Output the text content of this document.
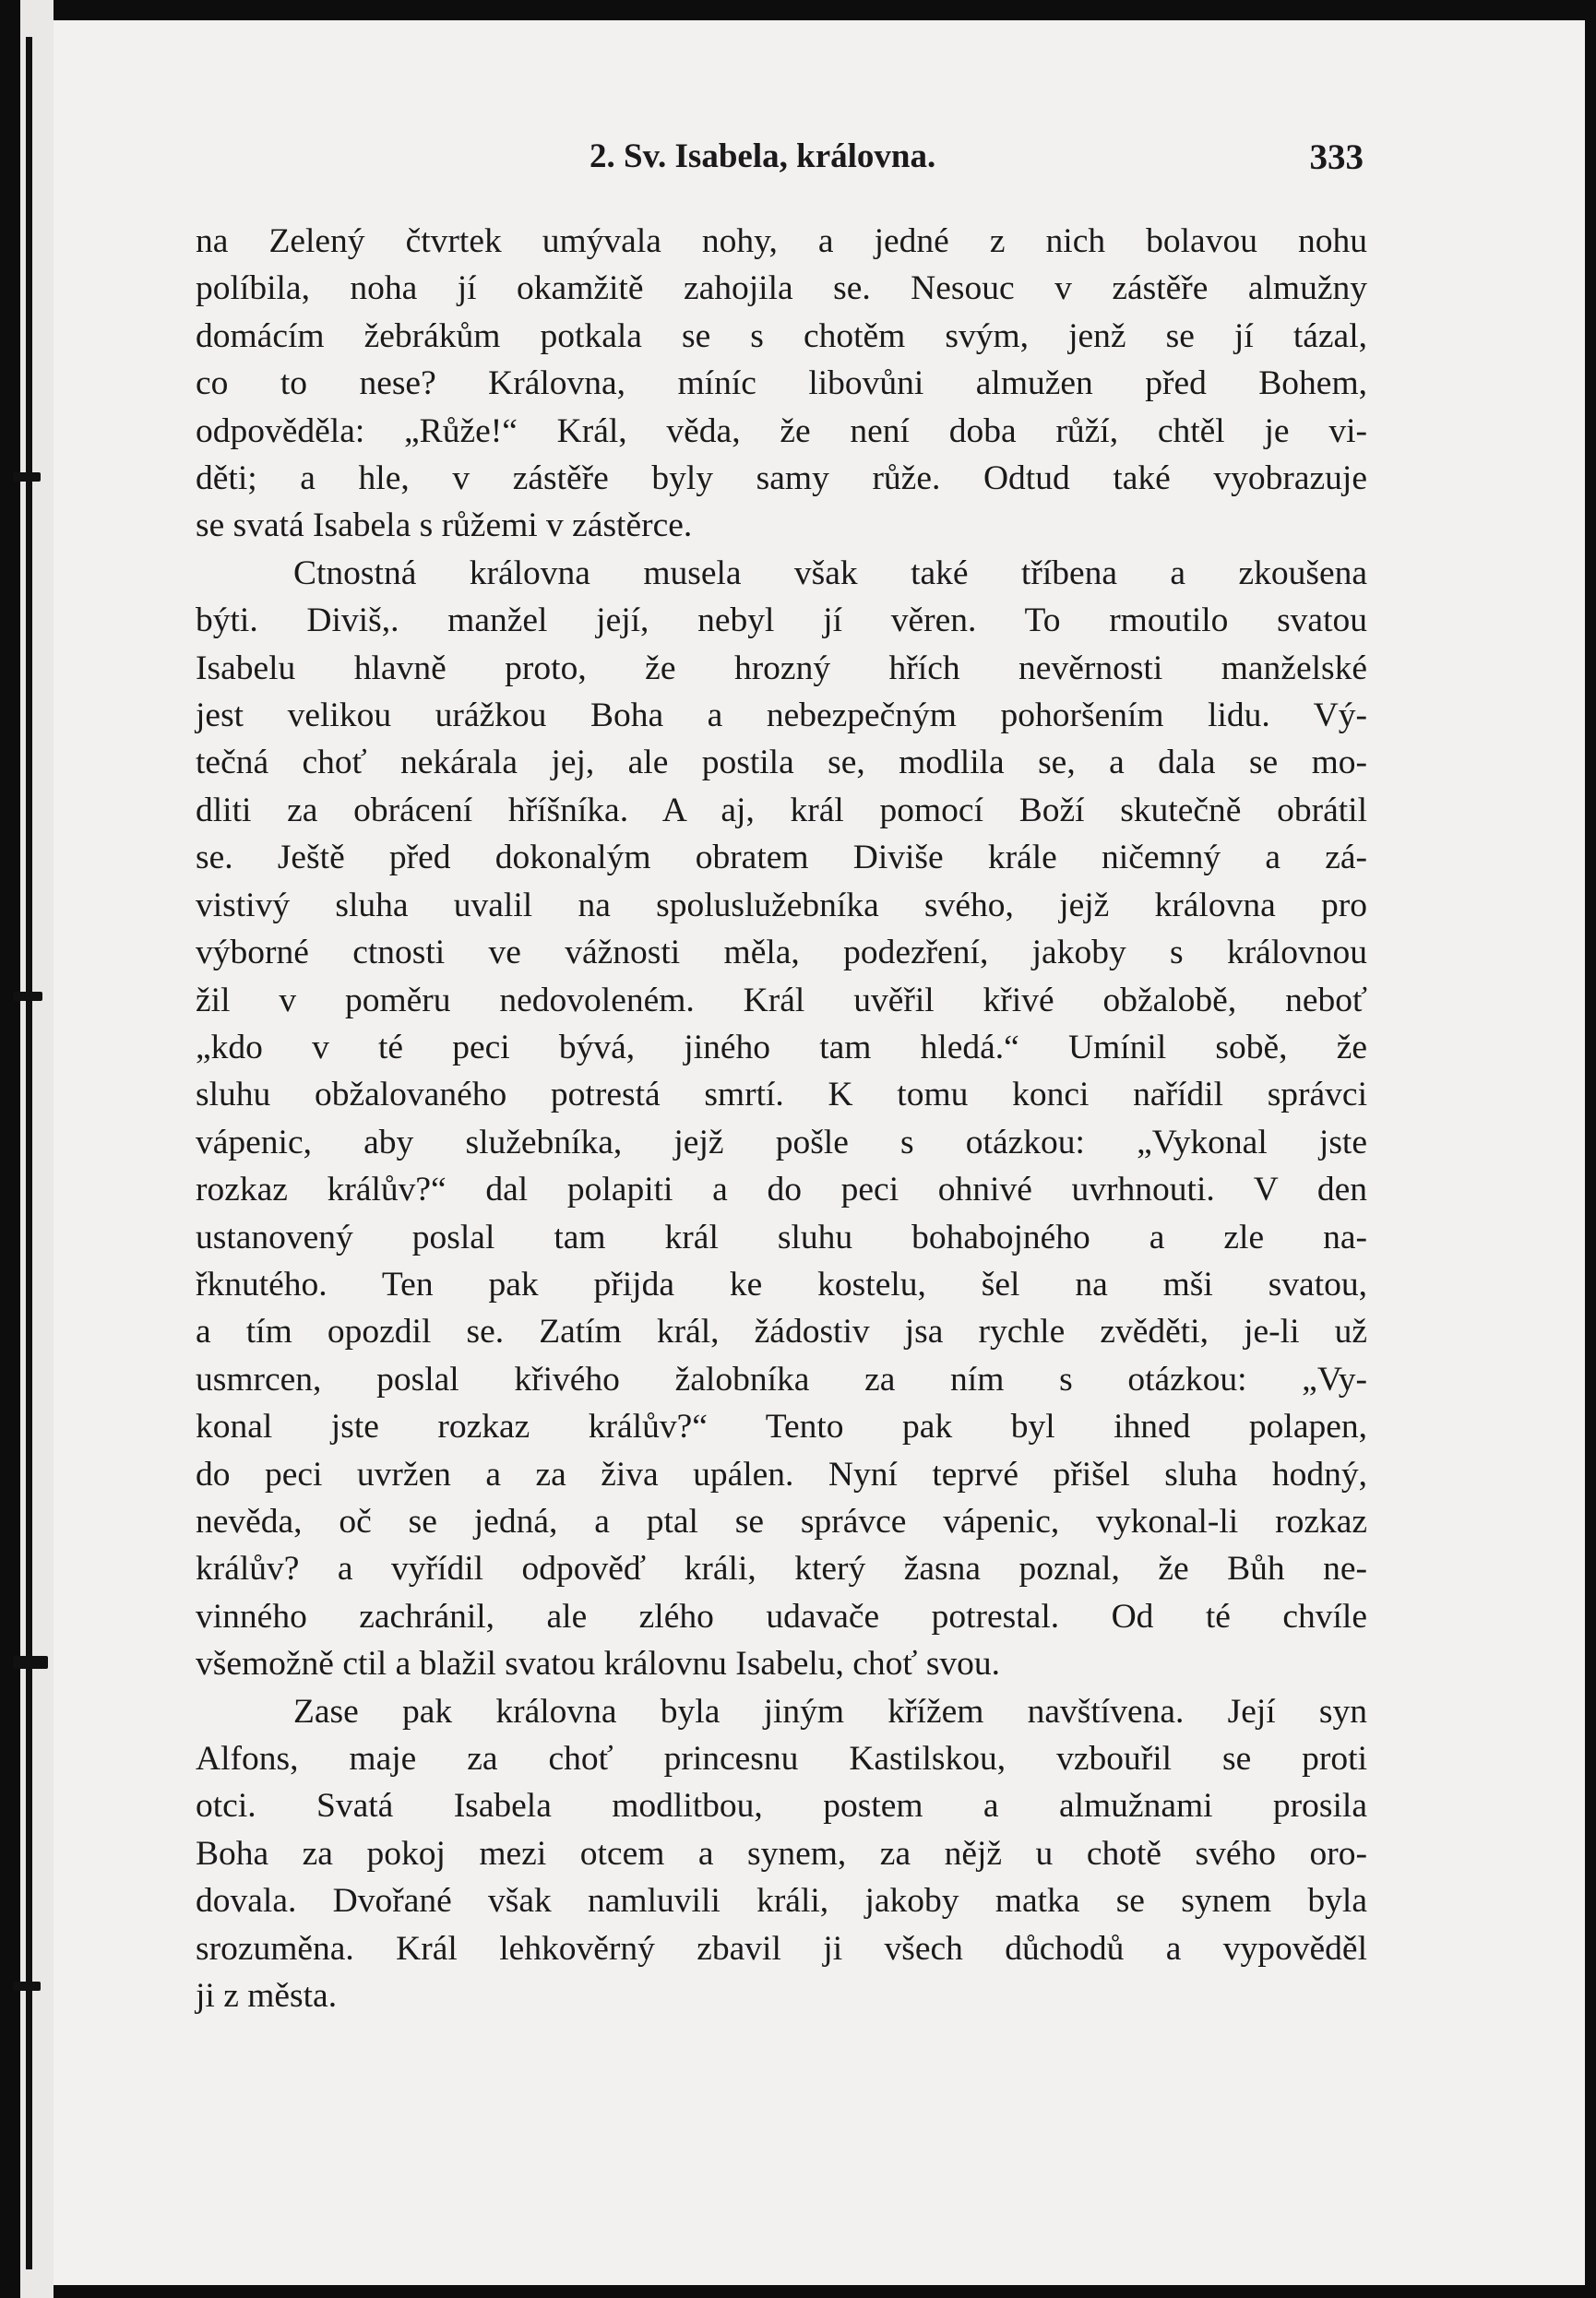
2. Sv. Isabela, královna.	333

na Zelený čtvrtek umývala nohy, a jedné z nich bolavou nohu
políbila, noha jí okamžitě zahojila se. Nesouc v zástěře almužny
domácím žebrákům potkala se s chotěm svým, jenž se jí tázal,
co to nese? Královna, míníc libovůni almužen před Bohem,
odpověděla: „Růže!“ Král, věda, že není doba růží, chtěl je vi-
děti; a hle, v zástěře byly samy růže. Odtud také vyobrazuje
se svatá Isabela s růžemi v zástěrce.

Ctnostná královna musela však také tříbena a zkoušena
býti. Diviš,. manžel její, nebyl jí věren. To rmoutilo svatou
Isabelu hlavně proto, že hrozný hřích nevěrnosti manželské
jest velikou urážkou Boha a nebezpečným pohoršením lidu. Vý-
tečná choť nekárala jej, ale postila se, modlila se, a dala se mo-
dliti za obrácení hříšníka. A aj, král pomocí Boží skutečně obrátil
se. Ještě před dokonalým obratem Diviše krále ničemný a zá-
vistivý sluha uvalil na spoluslužebníka svého, jejž královna pro
výborné ctnosti ve vážnosti měla, podezření, jakoby s královnou
žil v poměru nedovoleném. Král uvěřil křivé obžalobě, neboť
„kdo v té peci bývá, jiného tam hledá.“ Umínil sobě, že
sluhu obžalovaného potrestá smrtí. K tomu konci nařídil správci
vápenic, aby služebníka, jejž pošle s otázkou: „Vykonal jste
rozkaz králův?“ dal polapiti a do peci ohnivé uvrhnouti. V den
ustanovený poslal tam král sluhu bohabojného a zle na-
řknutého. Ten pak přijda ke kostelu, šel na mši svatou,
a tím opozdil se. Zatím král, žádostiv jsa rychle zvěděti, je-li už
usmrcen, poslal křivého žalobníka za ním s otázkou: „Vy-
konal jste rozkaz králův?“ Tento pak byl ihned polapen,
do peci uvržen a za živa upálen. Nyní teprvé přišel sluha hodný,
nevěda, oč se jedná, a ptal se správce vápenic, vykonal-li rozkaz
králův? a vyřídil odpověď králi, který žasna poznal, že Bůh ne-
vinného zachránil, ale zlého udavače potrestal. Od té chvíle
všemožně ctil a blažil svatou královnu Isabelu, choť svou.

Zase pak královna byla jiným křížem navštívena. Její syn
Alfons, maje za choť princesnu Kastilskou, vzbouřil se proti
otci. Svatá Isabela modlitbou, postem a almužnami prosila
Boha za pokoj mezi otcem a synem, za nějž u chotě svého oro-
dovala. Dvořané však namluvili králi, jakoby matka se synem byla
srozuměna. Král lehkověrný zbavil ji všech důchodů a vypověděl
ji z města.
